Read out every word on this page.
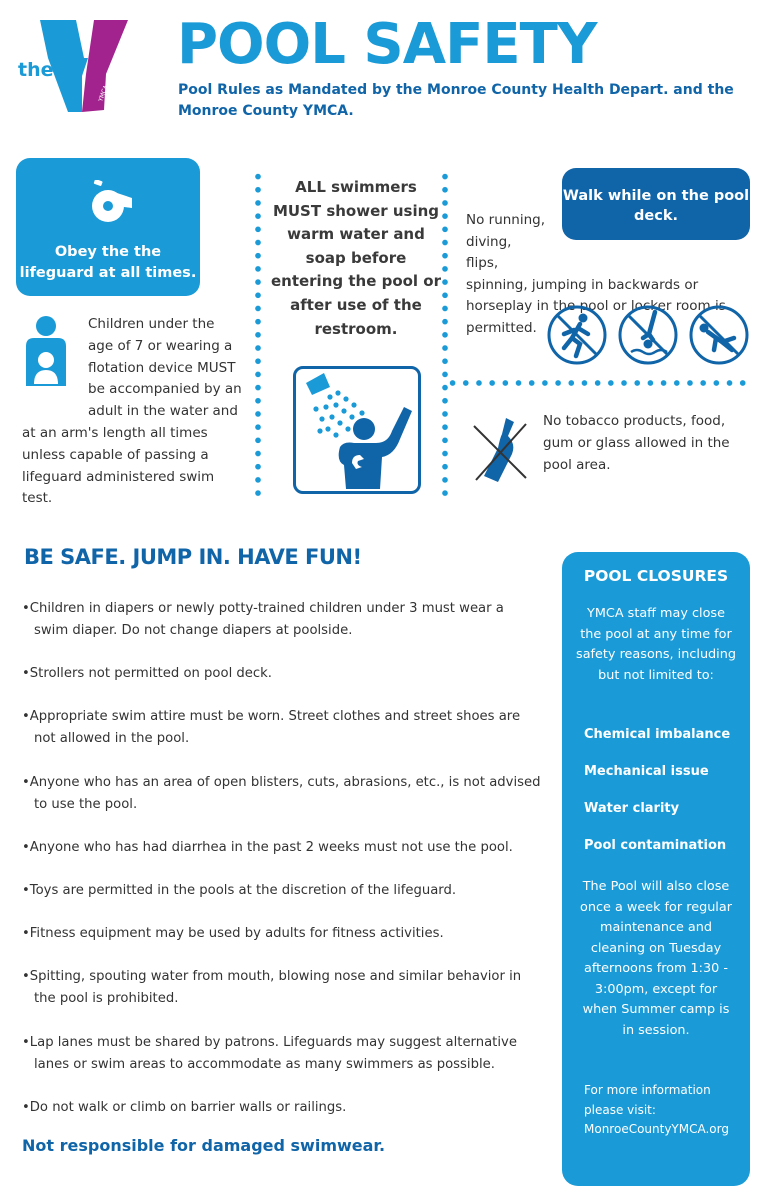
the
YMCA
POOL SAFETY
Pool Rules as Mandated by the Monroe County Health Depart. and the Monroe County YMCA.
Obey the the lifeguard at all times.
Children under the age of 7 or wearing a flotation device MUST be accompanied by an adult in the water and at an arm's length all times unless capable of passing a lifeguard administered swim test.
ALL swimmers MUST shower using warm water and soap before entering the pool or after use of the restroom.
Walk while on the pool deck.
No running, diving, flips,
spinning, jumping in backwards or horseplay in the pool or locker room is permitted.
No tobacco products, food, gum or glass allowed in the pool area.
BE SAFE. JUMP IN. HAVE FUN!
• Children in diapers or newly potty-trained children under 3 must wear a swim diaper. Do not change diapers at poolside.
• Strollers not permitted on pool deck.
• Appropriate swim attire must be worn. Street clothes and street shoes are not allowed in the pool.
• Anyone who has an area of open blisters, cuts, abrasions, etc., is not advised to use the pool.
• Anyone who has had diarrhea in the past 2 weeks must not use the pool.
• Toys are permitted in the pools at the discretion of the lifeguard.
• Fitness equipment may be used by adults for fitness activities.
• Spitting, spouting water from mouth, blowing nose and similar behavior in the pool is prohibited.
• Lap lanes must be shared by patrons. Lifeguards may suggest alternative lanes or swim areas to accommodate as many swimmers as possible.
• Do not walk or climb on barrier walls or railings.
Not responsible for damaged swimwear.
POOL CLOSURES
YMCA staff may close the pool at any time for safety reasons, including but not limited to:
Chemical imbalance
Mechanical issue
Water clarity
Pool contamination
The Pool will also close once a week for regular maintenance and cleaning on Tuesday afternoons from 1:30 - 3:00pm, except for when Summer camp is in session.
For more information please visit:
MonroeCountyYMCA.org
